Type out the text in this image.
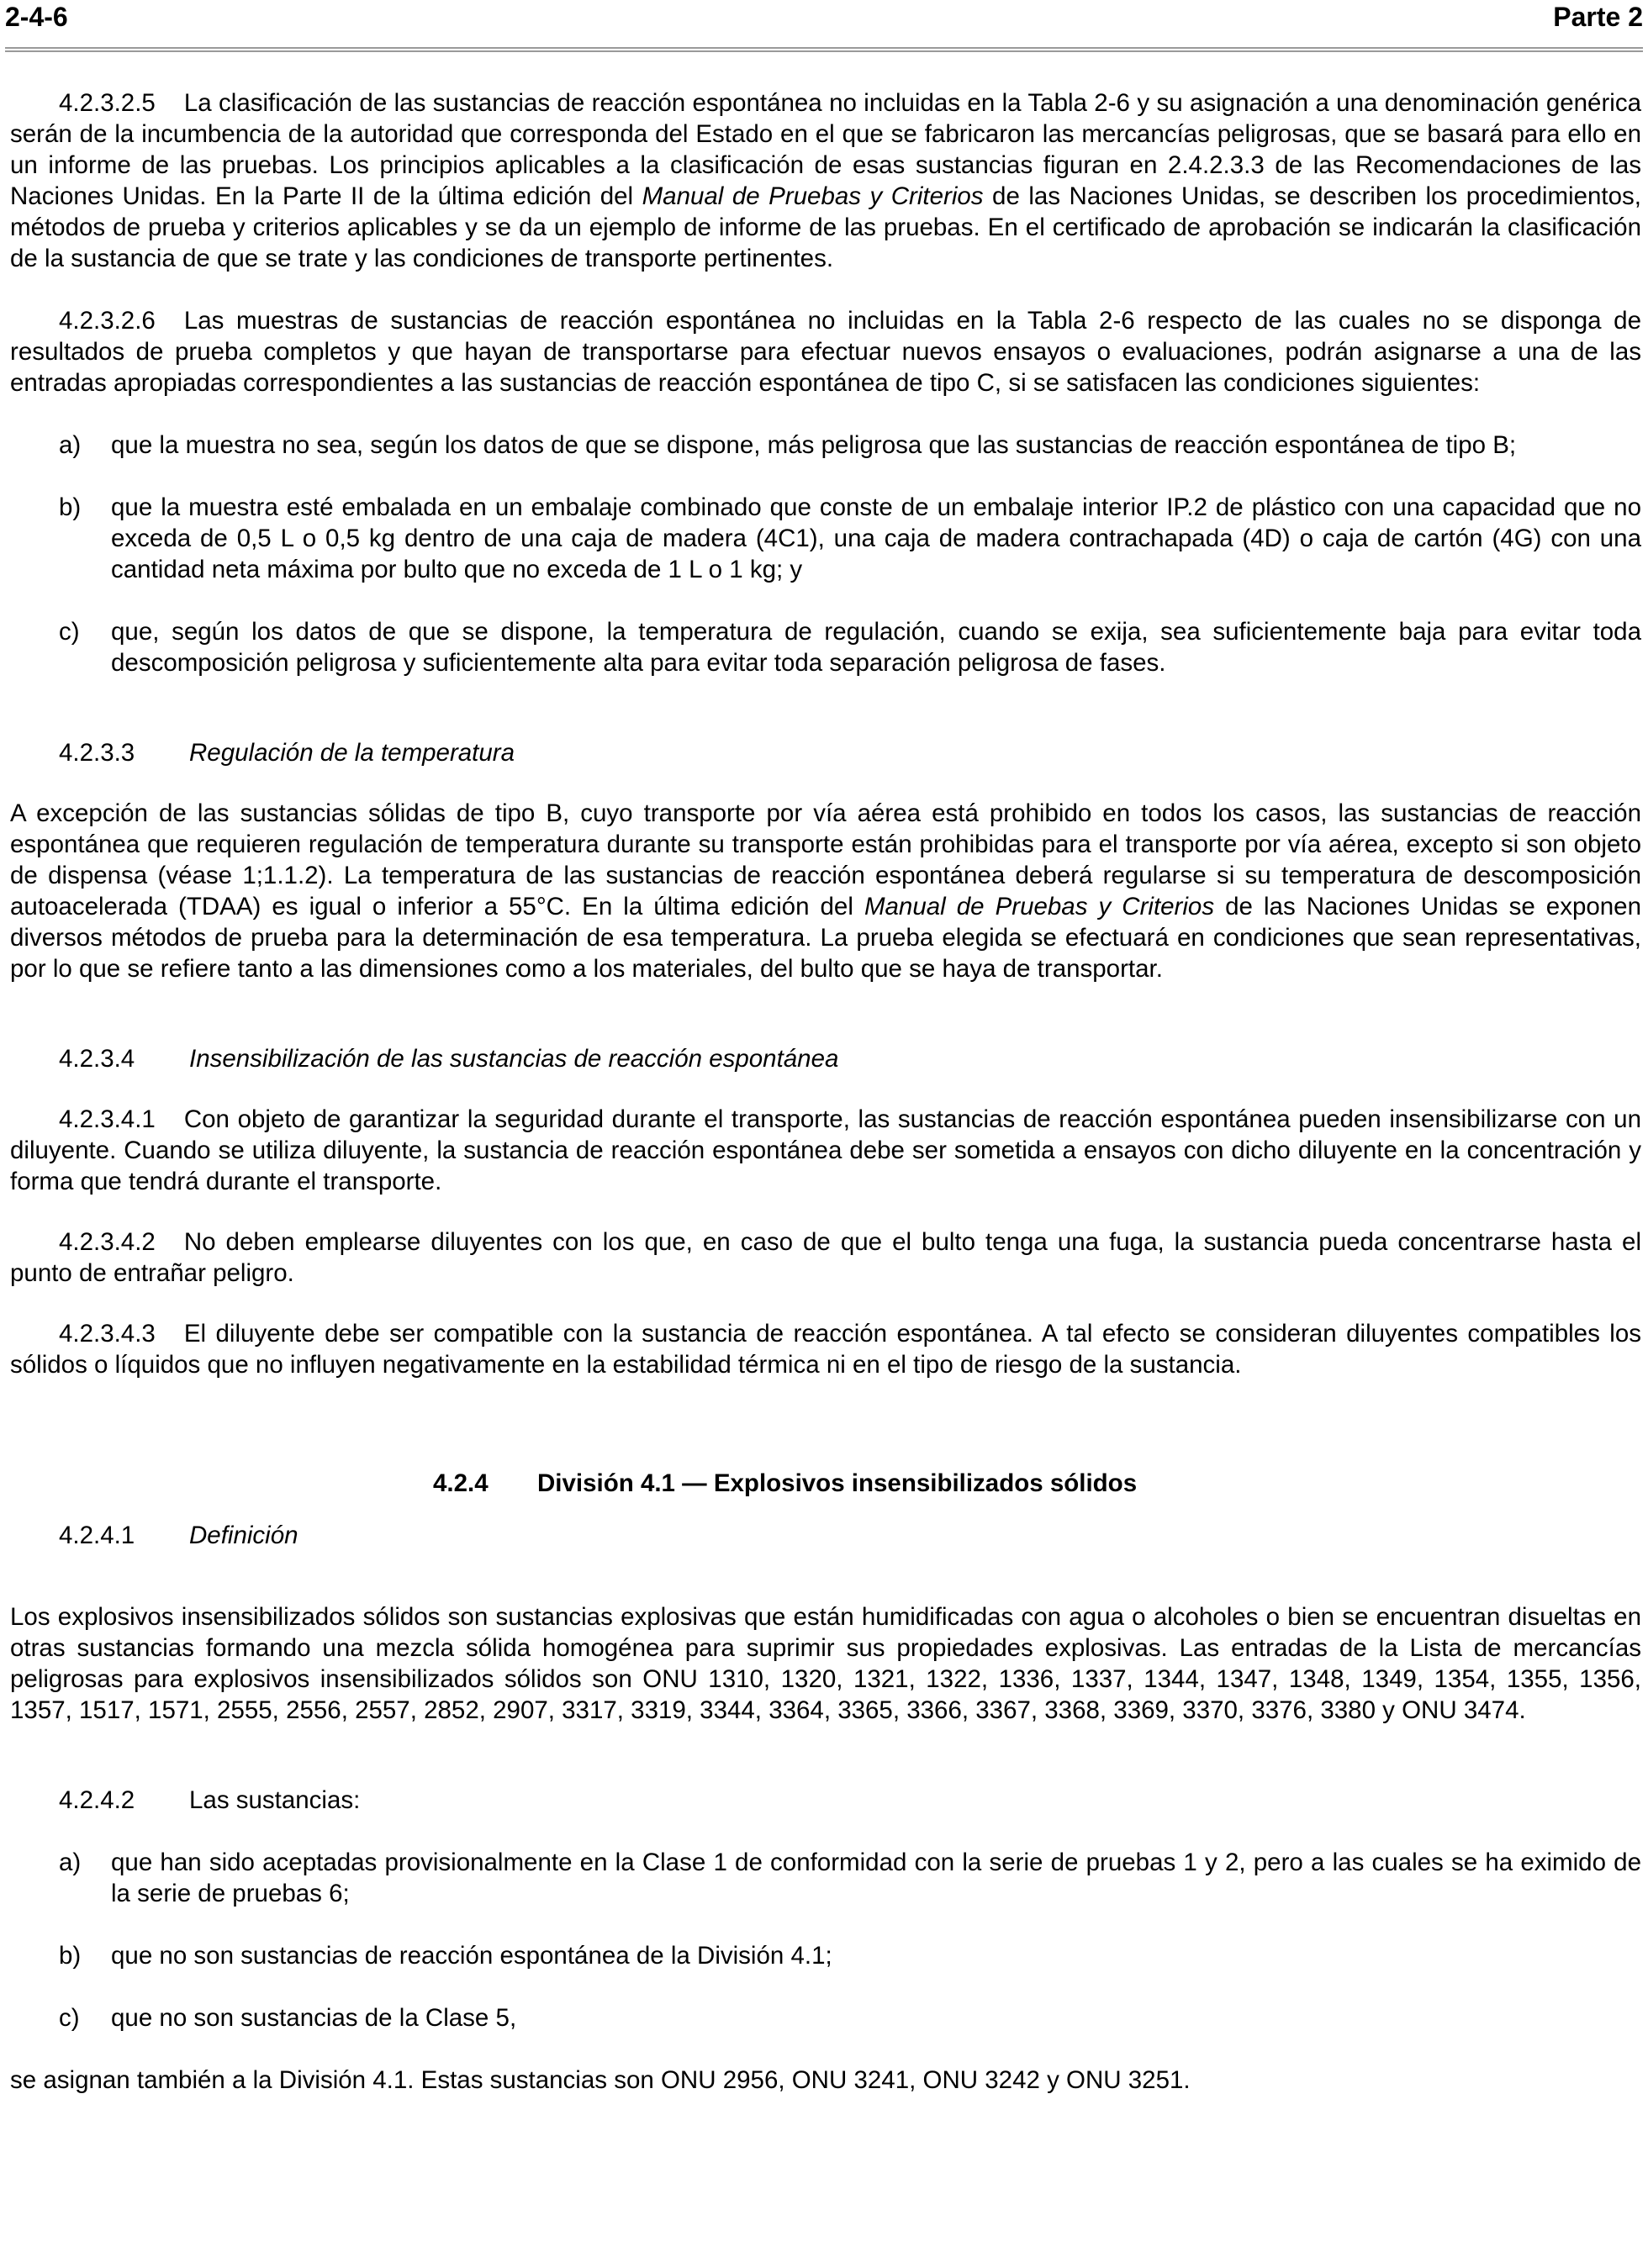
2-4-6	Parte 2

4.2.3.2.5 La clasificación de las sustancias de reacción espontánea no incluidas en la Tabla 2-6 y su asignación a una denominación genérica serán de la incumbencia de la autoridad que corresponda del Estado en el que se fabricaron las mercancías peligrosas, que se basará para ello en un informe de las pruebas. Los principios aplicables a la clasificación de esas sustancias figuran en 2.4.2.3.3 de las Recomendaciones de las Naciones Unidas. En la Parte II de la última edición del Manual de Pruebas y Criterios de las Naciones Unidas, se describen los procedimientos, métodos de prueba y criterios aplicables y se da un ejemplo de informe de las pruebas. En el certificado de aprobación se indicarán la clasificación de la sustancia de que se trate y las condiciones de transporte pertinentes.

4.2.3.2.6 Las muestras de sustancias de reacción espontánea no incluidas en la Tabla 2-6 respecto de las cuales no se disponga de resultados de prueba completos y que hayan de transportarse para efectuar nuevos ensayos o evaluaciones, podrán asignarse a una de las entradas apropiadas correspondientes a las sustancias de reacción espontánea de tipo C, si se satisfacen las condiciones siguientes:

a) que la muestra no sea, según los datos de que se dispone, más peligrosa que las sustancias de reacción espontánea de tipo B;
b) que la muestra esté embalada en un embalaje combinado que conste de un embalaje interior IP.2 de plástico con una capacidad que no exceda de 0,5 L o 0,5 kg dentro de una caja de madera (4C1), una caja de madera contrachapada (4D) o caja de cartón (4G) con una cantidad neta máxima por bulto que no exceda de 1 L o 1 kg; y
c) que, según los datos de que se dispone, la temperatura de regulación, cuando se exija, sea suficientemente baja para evitar toda descomposición peligrosa y suficientemente alta para evitar toda separación peligrosa de fases.

4.2.3.3 Regulación de la temperatura

A excepción de las sustancias sólidas de tipo B, cuyo transporte por vía aérea está prohibido en todos los casos, las sustancias de reacción espontánea que requieren regulación de temperatura durante su transporte están prohibidas para el transporte por vía aérea, excepto si son objeto de dispensa (véase 1;1.1.2). La temperatura de las sustancias de reacción espontánea deberá regularse si su temperatura de descomposición autoacelerada (TDAA) es igual o inferior a 55°C. En la última edición del Manual de Pruebas y Criterios de las Naciones Unidas se exponen diversos métodos de prueba para la determinación de esa temperatura. La prueba elegida se efectuará en condiciones que sean representativas, por lo que se refiere tanto a las dimensiones como a los materiales, del bulto que se haya de transportar.

4.2.3.4 Insensibilización de las sustancias de reacción espontánea

4.2.3.4.1 Con objeto de garantizar la seguridad durante el transporte, las sustancias de reacción espontánea pueden insensibilizarse con un diluyente. Cuando se utiliza diluyente, la sustancia de reacción espontánea debe ser sometida a ensayos con dicho diluyente en la concentración y forma que tendrá durante el transporte.

4.2.3.4.2 No deben emplearse diluyentes con los que, en caso de que el bulto tenga una fuga, la sustancia pueda concentrarse hasta el punto de entrañar peligro.

4.2.3.4.3 El diluyente debe ser compatible con la sustancia de reacción espontánea. A tal efecto se consideran diluyentes compatibles los sólidos o líquidos que no influyen negativamente en la estabilidad térmica ni en el tipo de riesgo de la sustancia.

4.2.4 División 4.1 — Explosivos insensibilizados sólidos
4.2.4.1 Definición

Los explosivos insensibilizados sólidos son sustancias explosivas que están humidificadas con agua o alcoholes o bien se encuentran disueltas en otras sustancias formando una mezcla sólida homogénea para suprimir sus propiedades explosivas. Las entradas de la Lista de mercancías peligrosas para explosivos insensibilizados sólidos son ONU 1310, 1320, 1321, 1322, 1336, 1337, 1344, 1347, 1348, 1349, 1354, 1355, 1356, 1357, 1517, 1571, 2555, 2556, 2557, 2852, 2907, 3317, 3319, 3344, 3364, 3365, 3366, 3367, 3368, 3369, 3370, 3376, 3380 y ONU 3474.

4.2.4.2 Las sustancias:

a) que han sido aceptadas provisionalmente en la Clase 1 de conformidad con la serie de pruebas 1 y 2, pero a las cuales se ha eximido de la serie de pruebas 6;
b) que no son sustancias de reacción espontánea de la División 4.1;
c) que no son sustancias de la Clase 5,

se asignan también a la División 4.1. Estas sustancias son ONU 2956, ONU 3241, ONU 3242 y ONU 3251.
